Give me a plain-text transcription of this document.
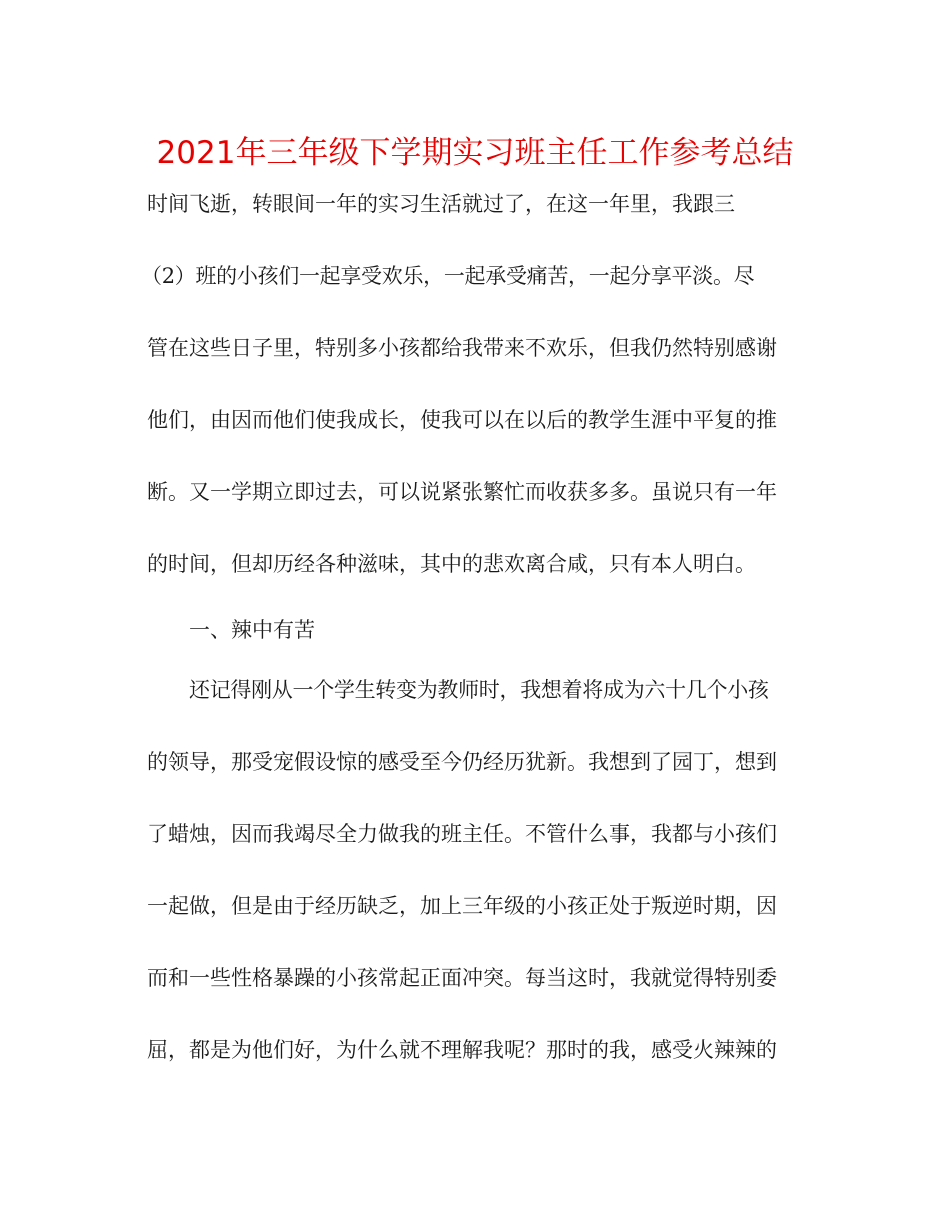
2021年三年级下学期实习班主任工作参考总结
时间飞逝，转眼间一年的实习生活就过了，在这一年里，我跟三
（2）班的小孩们一起享受欢乐，一起承受痛苦，一起分享平淡。尽
管在这些日子里，特别多小孩都给我带来不欢乐，但我仍然特别感谢
他们，由因而他们使我成长，使我可以在以后的教学生涯中平复的推
断。又一学期立即过去，可以说紧张繁忙而收获多多。虽说只有一年
的时间，但却历经各种滋味，其中的悲欢离合咸，只有本人明白。
一、辣中有苦
还记得刚从一个学生转变为教师时，我想着将成为六十几个小孩
的领导，那受宠假设惊的感受至今仍经历犹新。我想到了园丁，想到
了蜡烛，因而我竭尽全力做我的班主任。不管什么事，我都与小孩们
一起做，但是由于经历缺乏，加上三年级的小孩正处于叛逆时期，因
而和一些性格暴躁的小孩常起正面冲突。每当这时，我就觉得特别委
屈，都是为他们好，为什么就不理解我呢？那时的我，感受火辣辣的
